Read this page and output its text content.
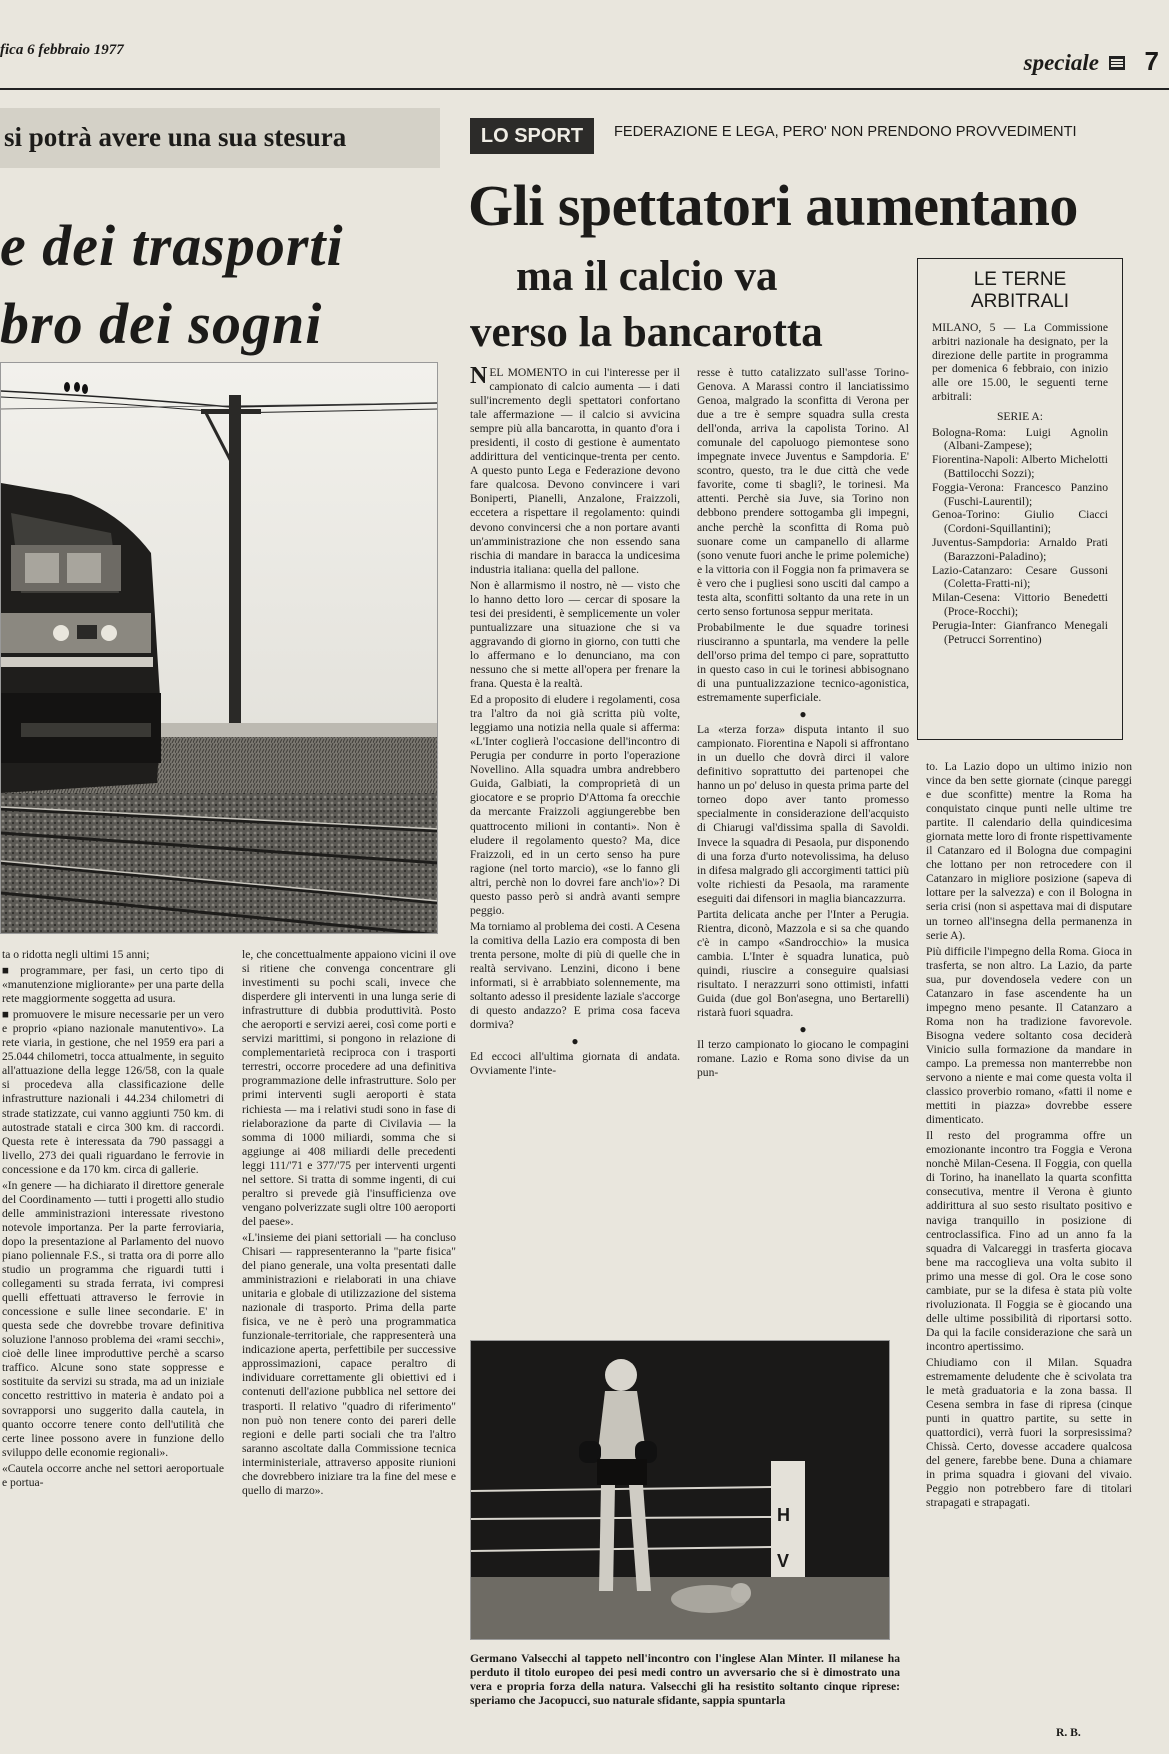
fica 6 febbraio 1977	speciale 7
si potrà avere una sua stesura
e dei trasporti
bro dei sogni

ta o ridotta negli ultimi 15 anni;

■ programmare, per fasi, un certo tipo di «manutenzione migliorante» per una parte della rete maggiormente soggetta ad usura.

■ promuovere le misure necessarie per un vero e proprio «piano nazionale manutentivo». La rete viaria, in gestione, che nel 1959 era pari a 25.044 chilometri, tocca attualmente, in seguito all'attuazione della legge 126/58, con la quale si procedeva alla classificazione delle infrastrutture nazionali i 44.234 chilometri di strade statizzate, cui vanno aggiunti 750 km. di autostrade statali e circa 300 km. di raccordi. Questa rete è interessata da 790 passaggi a livello, 273 dei quali riguardano le ferrovie in concessione e da 170 km. circa di gallerie.

«In genere — ha dichiarato il direttore generale del Coordinamento — tutti i progetti allo studio delle amministrazioni interessate rivestono notevole importanza. Per la parte ferroviaria, dopo la presentazione al Parlamento del nuovo piano poliennale F.S., si tratta ora di porre allo studio un programma che riguardi tutti i collegamenti su strada ferrata, ivi compresi quelli effettuati attraverso le ferrovie in concessione e sulle linee secondarie. E' in questa sede che dovrebbe trovare definitiva soluzione l'annoso problema dei «rami secchi», cioè delle linee improduttive perchè a scarso traffico. Alcune sono state soppresse e sostituite da servizi su strada, ma ad un iniziale concetto restrittivo in materia è andato poi a sovrapporsi uno suggerito dalla cautela, in quanto occorre tenere conto dell'utilità che certe linee possono avere in funzione dello sviluppo delle economie regionali».

«Cautela occorre anche nel settori aeroportuale e portua-

le, che concettualmente appaiono vicini il ove si ritiene che convenga concentrare gli investimenti su pochi scali, invece che disperdere gli interventi in una lunga serie di infrastrutture di dubbia produttività. Posto che aeroporti e servizi aerei, così come porti e servizi marittimi, si pongono in relazione di complementarietà reciproca con i trasporti terrestri, occorre procedere ad una definitiva programmazione delle infrastrutture. Solo per primi interventi sugli aeroporti è stata richiesta — ma i relativi studi sono in fase di rielaborazione da parte di Civilavia — la somma di 1000 miliardi, somma che si aggiunge ai 408 miliardi delle precedenti leggi 111/'71 e 377/'75 per interventi urgenti nel settore. Si tratta di somme ingenti, di cui peraltro si prevede già l'insufficienza ove vengano polverizzate sugli oltre 100 aeroporti del paese».

«L'insieme dei piani settoriali — ha concluso Chisari — rappresenteranno la "parte fisica" del piano generale, una volta presentati dalle amministrazioni e rielaborati in una chiave unitaria e globale di utilizzazione del sistema nazionale di trasporto. Prima della parte fisica, ve ne è però una programmatica funzionale-territoriale, che rappresenterà una indicazione aperta, perfettibile per successive approssimazioni, capace peraltro di individuare correttamente gli obiettivi ed i contenuti dell'azione pubblica nel settore dei trasporti. Il relativo "quadro di riferimento" non può non tenere conto dei pareri delle regioni e delle parti sociali che tra l'altro saranno ascoltate dalla Commissione tecnica interministeriale, attraverso apposite riunioni che dovrebbero iniziare tra la fine del mese e quello di marzo».

LO SPORT	FEDERAZIONE E LEGA, PERO' NON PRENDONO PROVVEDIMENTI
Gli spettatori aumentano
ma il calcio va
verso la bancarotta

NEL MOMENTO in cui l'interesse per il campionato di calcio aumenta — i dati sull'incremento degli spettatori confortano tale affermazione — il calcio si avvicina sempre più alla bancarotta, in quanto d'ora i presidenti, il costo di gestione è aumentato addirittura del venticinque-trenta per cento. A questo punto Lega e Federazione devono fare qualcosa. Devono convincere i vari Boniperti, Pianelli, Anzalone, Fraizzoli, eccetera a rispettare il regolamento: quindi devono convincersi che a non portare avanti un'amministrazione che non essendo sana rischia di mandare in baracca la undicesima industria italiana: quella del pallone.

Non è allarmismo il nostro, nè — visto che lo hanno detto loro — cercar di sposare la tesi dei presidenti, è semplicemente un voler puntualizzare una situazione che si va aggravando di giorno in giorno, con tutti che lo affermano e lo denunciano, ma con nessuno che si mette all'opera per frenare la frana. Questa è la realtà.

Ed a proposito di eludere i regolamenti, cosa tra l'altro da noi già scritta più volte, leggiamo una notizia nella quale si afferma: «L'Inter coglierà l'occasione dell'incontro di Perugia per condurre in porto l'operazione Novellino. Alla squadra umbra andrebbero Guida, Galbiati, la comproprietà di un giocatore e se proprio D'Attoma fa orecchie da mercante Fraizzoli aggiungerebbe ben quattrocento milioni in contanti». Non è eludere il regolamento questo? Ma, dice Fraizzoli, ed in un certo senso ha pure ragione (nel torto marcio), «se lo fanno gli altri, perchè non lo dovrei fare anch'io»? Di questo passo però si andrà avanti sempre peggio.

Ma torniamo al problema dei costi. A Cesena la comitiva della Lazio era composta di ben trenta persone, molte di più di quelle che in realtà servivano. Lenzini, dicono i bene informati, si è arrabbiato solennemente, ma soltanto adesso il presidente laziale s'accorge di questo andazzo? E prima cosa faceva dormiva?

●

Ed eccoci all'ultima giornata di andata. Ovviamente l'inte-

resse è tutto catalizzato sull'asse Torino-Genova. A Marassi contro il lanciatissimo Genoa, malgrado la sconfitta di Verona per due a tre è sempre squadra sulla cresta dell'onda, arriva la capolista Torino. Al comunale del capoluogo piemontese sono impegnate invece Juventus e Sampdoria. E' scontro, questo, tra le due città che vede favorite, come ti sbagli?, le torinesi. Ma attenti. Perchè sia Juve, sia Torino non debbono prendere sottogamba gli impegni, anche perchè la sconfitta di Roma può suonare come un campanello di allarme (sono venute fuori anche le prime polemiche) e la vittoria con il Foggia non fa primavera se è vero che i pugliesi sono usciti dal campo a testa alta, sconfitti soltanto da una rete in un certo senso fortunosa seppur meritata.

Probabilmente le due squadre torinesi riusciranno a spuntarla, ma vendere la pelle dell'orso prima del tempo ci pare, soprattutto in questo caso in cui le torinesi abbisognano di una puntualizzazione tecnico-agonistica, estremamente superficiale.

●

La «terza forza» disputa intanto il suo campionato. Fiorentina e Napoli si affrontano in un duello che dovrà dirci il valore definitivo soprattutto dei partenopei che hanno un po' deluso in questa prima parte del torneo dopo aver tanto promesso specialmente in considerazione dell'acquisto di Chiarugi val'dissima spalla di Savoldi. Invece la squadra di Pesaola, pur disponendo di una forza d'urto notevolissima, ha deluso in difesa malgrado gli accorgimenti tattici più volte richiesti da Pesaola, ma raramente eseguiti dai difensori in maglia biancazzurra.

Partita delicata anche per l'Inter a Perugia. Rientra, diconò, Mazzola e si sa che quando c'è in campo «Sandrocchio» la musica cambia. L'Inter è squadra lunatica, può quindi, riuscire a conseguire qualsiasi risultato. I nerazzurri sono ottimisti, infatti Guida (due gol Bon'asegna, uno Bertarelli) ristarà fuori squadra.

●

Il terzo campionato lo giocano le compagini romane. Lazio e Roma sono divise da un pun-

LE TERNE ARBITRALI
MILANO, 5 — La Commissione arbitri nazionale ha designato, per la direzione delle partite in programma per domenica 6 febbraio, con inizio alle ore 15.00, le seguenti terne arbitrali:
SERIE A:
Bologna-Roma: Luigi Agnolin (Albani-Zampese);
Fiorentina-Napoli: Alberto Michelotti (Battilocchi Sozzi);
Foggia-Verona: Francesco Panzino (Fuschi-Laurentil);
Genoa-Torino: Giulio Ciacci (Cordoni-Squillantini);
Juventus-Sampdoria: Arnaldo Prati (Barazzoni-Paladino);
Lazio-Catanzaro: Cesare Gussoni (Coletta-Fratti-ni);
Milan-Cesena: Vittorio Benedetti (Proce-Rocchi);
Perugia-Inter: Gianfranco Menegali (Petrucci Sorrentino)

to. La Lazio dopo un ultimo inizio non vince da ben sette giornate (cinque pareggi e due sconfitte) mentre la Roma ha conquistato cinque punti nelle ultime tre partite. Il calendario della quindicesima giornata mette loro di fronte rispettivamente il Catanzaro ed il Bologna due compagini che lottano per non retrocedere con il Catanzaro in migliore posizione (sapeva di lottare per la salvezza) e con il Bologna in seria crisi (non si aspettava mai di disputare un torneo all'insegna della permanenza in serie A).

Più difficile l'impegno della Roma. Gioca in trasferta, se non altro. La Lazio, da parte sua, pur dovendosela vedere con un Catanzaro in fase ascendente ha un impegno meno pesante. Il Catanzaro a Roma non ha tradizione favorevole. Bisogna vedere soltanto cosa deciderà Vinicio sulla formazione da mandare in campo. La premessa non manterrebbe non servono a niente e mai come questa volta il classico proverbio romano, «fatti il nome e mettiti in piazza» dovrebbe essere dimenticato.

Il resto del programma offre un emozionante incontro tra Foggia e Verona nonchè Milan-Cesena. Il Foggia, con quella di Torino, ha inanellato la quarta sconfitta consecutiva, mentre il Verona è giunto addirittura al suo sesto risultato positivo e naviga tranquillo in posizione di centroclassifica. Fino ad un anno fa la squadra di Valcareggi in trasferta giocava bene ma raccoglieva una volta subito il primo una messe di gol. Ora le cose sono cambiate, pur se la difesa è stata più volte rivoluzionata. Il Foggia se è giocando una delle ultime possibilità di riportarsi sotto. Da qui la facile considerazione che sarà un incontro apertissimo.

Chiudiamo con il Milan. Squadra estremamente deludente che è scivolata tra le metà graduatoria e la zona bassa. Il Cesena sembra in fase di ripresa (cinque punti in quattro partite, su sette in quattordici), verrà fuori la sorpresissima? Chissà. Certo, dovesse accadere qualcosa del genere, farebbe bene. Duna a chiamare in prima squadra i giovani del vivaio. Peggio non potrebbero fare di titolari strapagati e strapagati.

R. B.
H
V
Germano Valsecchi al tappeto nell'incontro con l'inglese Alan Minter. Il milanese ha perduto il titolo europeo dei pesi medi contro un avversario che si è dimostrato una vera e propria forza della natura. Valsecchi gli ha resistito soltanto cinque riprese: speriamo che Jacopucci, suo naturale sfidante, sappia spuntarla
